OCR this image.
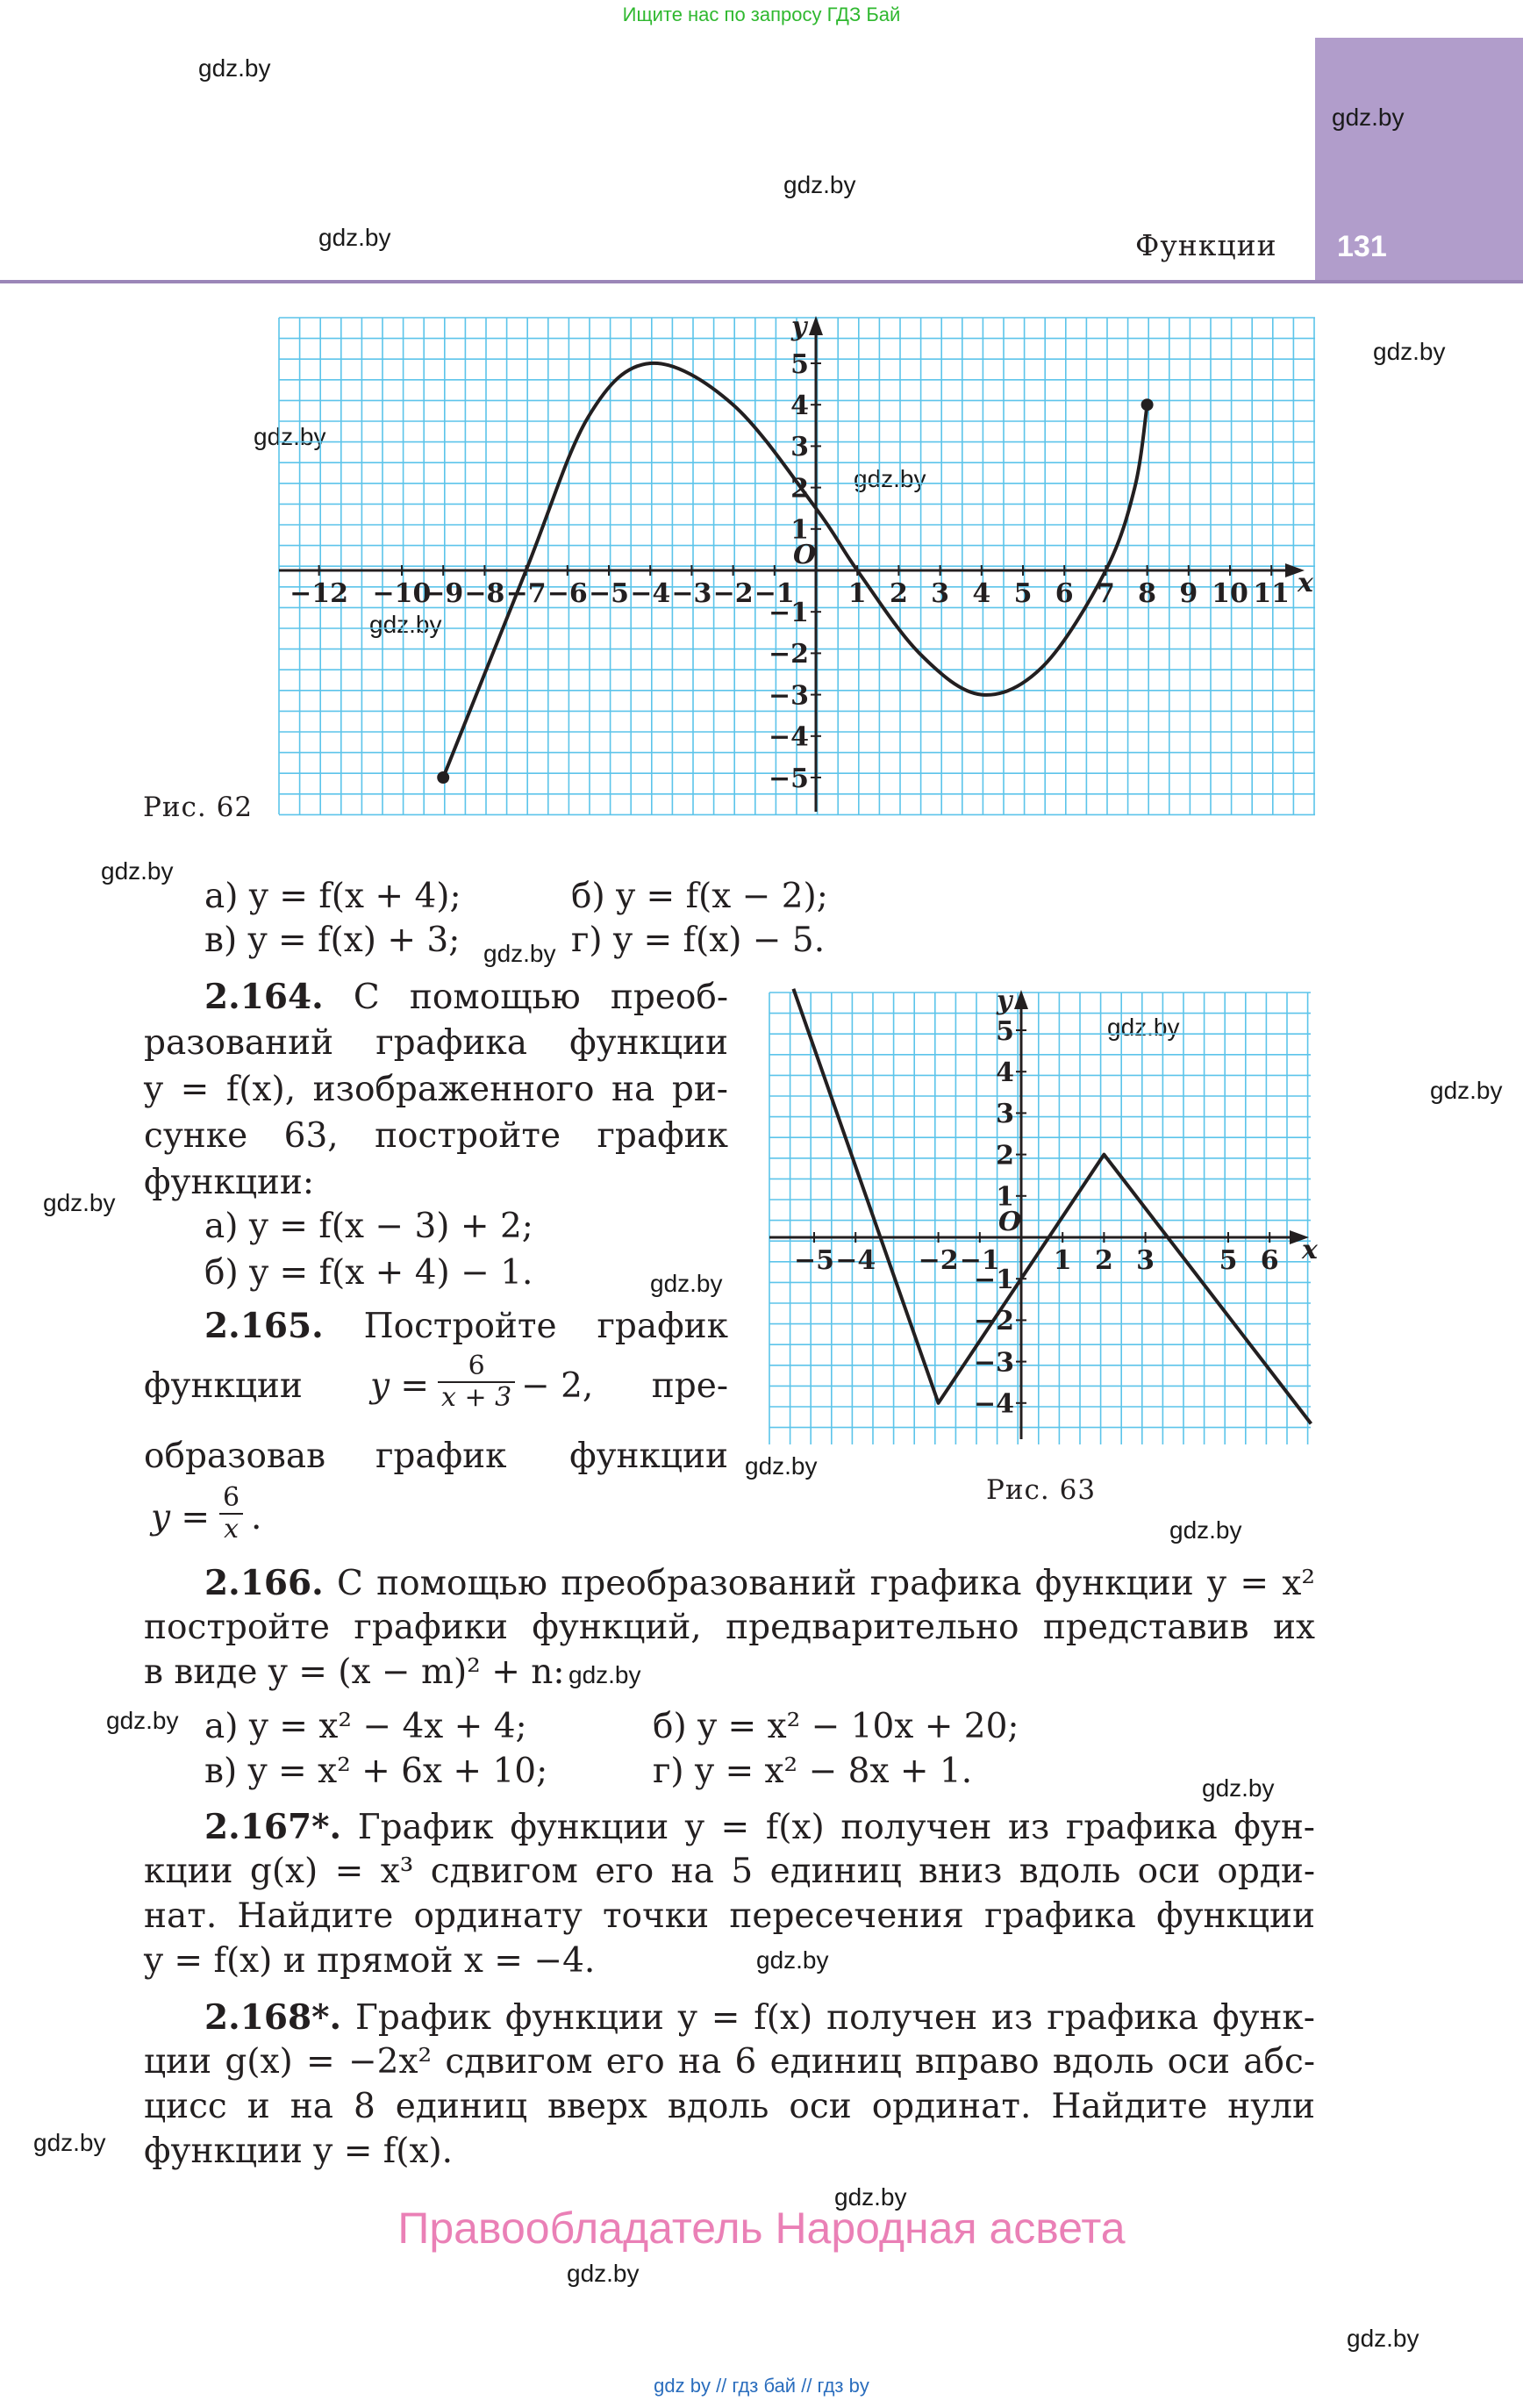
Ищите нас по запросу ГДЗ Бай
131
Функции
gdz.by
gdz.by
gdz.by
gdz.by
gdz.by
gdz.by
gdz.by
gdz.by
gdz.by
gdz.by
gdz.by
gdz.by
gdz.by
gdz.by
gdz.by
gdz.by
gdz.by
gdz.by
gdz.by
gdz.by
gdz.by
gdz.by
gdz.by
gdz.by
−12 −10
−9 −8 −7 −6 −5 −4 −3 −2 −1 1 2 3 4 5 6 7 8 9 10 11
5
4
3
2
1
−1
−2
−3
−4
−5
x
y
O
Рис. 62
а) y = f(x + 4);	б) y = f(x − 2);
в) y = f(x) + 3;	г) y = f(x) − 5.
2.164. С помощью преоб-
разований графика функции
y = f(x), изображенного на ри-
сунке 63, постройте график
функции:
а) y = f(x − 3) + 2;
б) y = f(x + 4) − 1.
2.165. Постройте график
функции $y = \frac{6}{x + 3} - 2$, пре-
образовав график функции
$y = \frac{6}{x}$ .
−5 −4 −2 −1 1 2 3 5 6
5
4
3
2
1
−1
−2
−3
−4
x
y
O
Рис. 63
2.166. С помощью преобразований графика функции y = x²
постройте графики функций, предварительно представив их
в виде y = (x − m)² + n:
а) y = x² − 4x + 4;	б) y = x² − 10x + 20;
в) y = x² + 6x + 10;	г) y = x² − 8x + 1.
2.167*. График функции y = f(x) получен из графика фун-
кции g(x) = x³ сдвигом его на 5 единиц вниз вдоль оси орди-
нат. Найдите ординату точки пересечения графика функции
y = f(x) и прямой x = −4.
2.168*. График функции y = f(x) получен из графика функ-
ции g(x) = −2x² сдвигом его на 6 единиц вправо вдоль оси абс-
цисс и на 8 единиц вверх вдоль оси ординат. Найдите нули
функции y = f(x).
Правообладатель Народная асвета
gdz by // гдз бай // гдз by
